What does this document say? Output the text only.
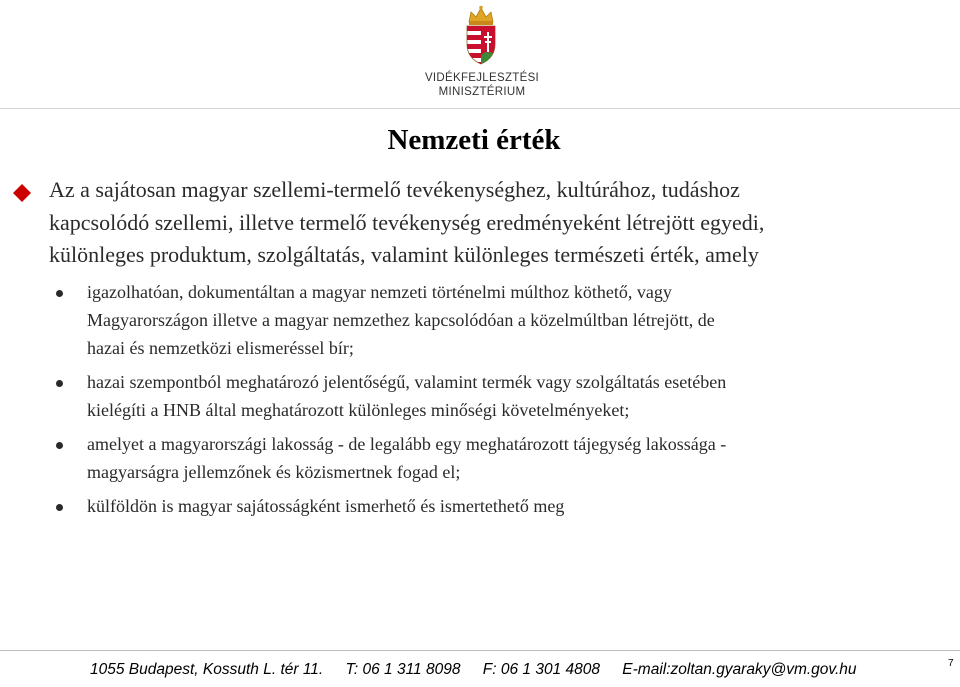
VIDÉKFEJLESZTÉSI
MINISZTÉRIUM
Nemzeti érték
Az a sajátosan magyar szellemi-termelő tevékenységhez, kultúrához, tudáshoz
kapcsolódó szellemi, illetve termelő tevékenység eredményeként létrejött egyedi,
különleges produktum, szolgáltatás, valamint különleges természeti érték, amely
igazolhatóan, dokumentáltan a magyar nemzeti történelmi múlthoz köthető, vagy
Magyarországon illetve a magyar nemzethez kapcsolódóan a közelmúltban létrejött, de
hazai és nemzetközi elismeréssel bír;
hazai szempontból meghatározó jelentőségű, valamint termék vagy szolgáltatás esetében
kielégíti a HNB által meghatározott különleges minőségi követelményeket;
amelyet a magyarországi lakosság - de legalább egy meghatározott tájegység lakossága -
magyarságra jellemzőnek és közismertnek fogad el;
külföldön is magyar sajátosságként ismerhető és ismertethető meg
1055 Budapest, Kossuth L. tér 11. T: 06 1 311 8098 F: 06 1 301 4808 E-mail:zoltan.gyaraky@vm.gov.hu	7
